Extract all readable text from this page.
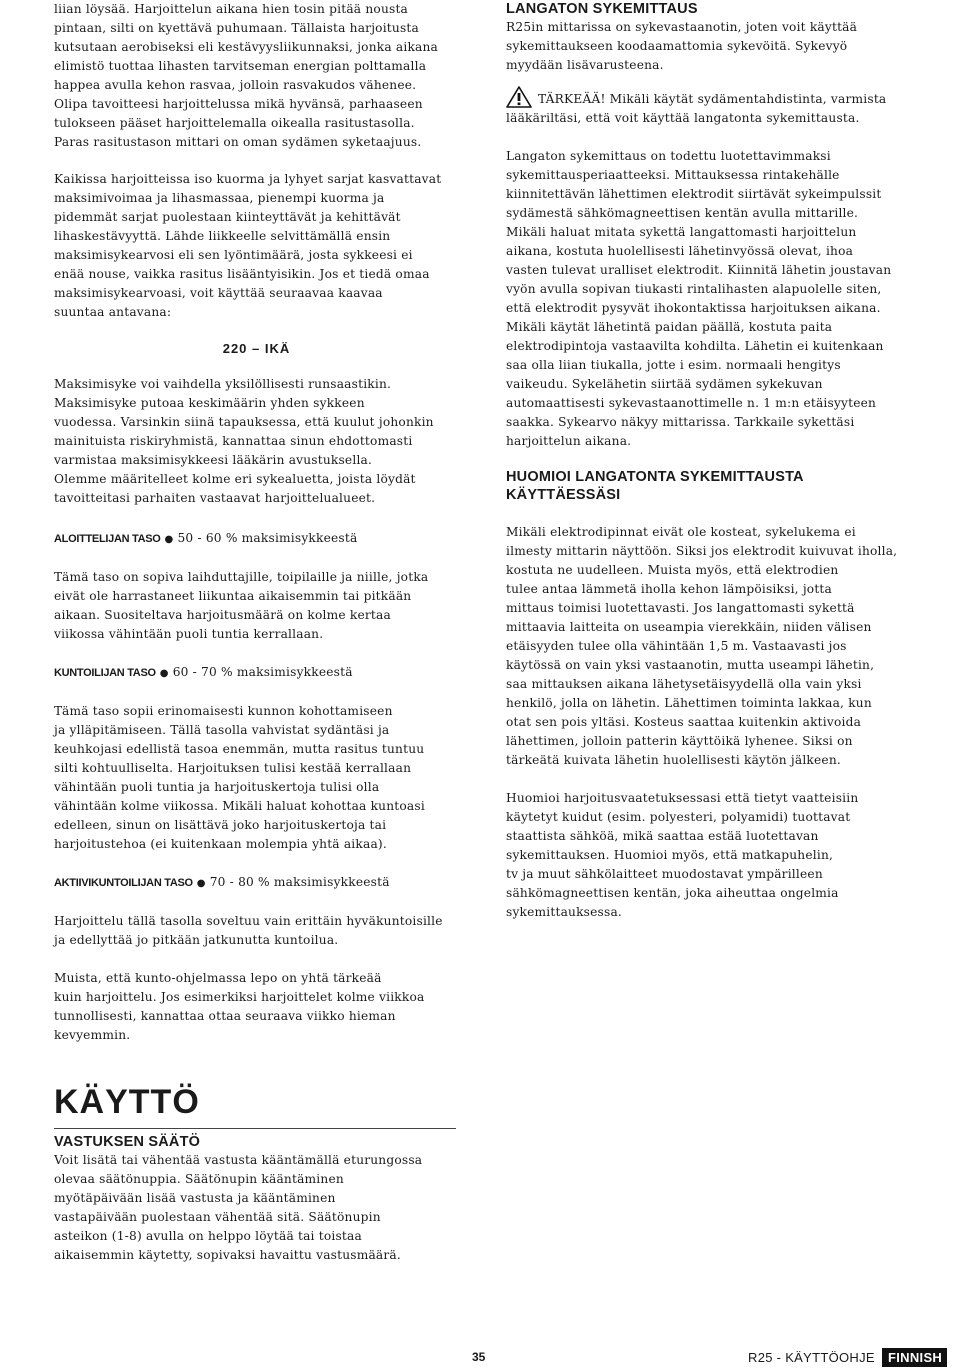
liian löysää. Harjoittelun aikana hien tosin pitää nousta

pintaan, silti on kyettävä puhumaan. Tällaista harjoitusta

kutsutaan aerobiseksi eli kestävyysliikunnaksi, jonka aikana

elimistö tuottaa lihasten tarvitseman energian polttamalla

happea avulla kehon rasvaa, jolloin rasvakudos vähenee.

Olipa tavoitteesi harjoittelussa mikä hyvänsä, parhaaseen

tulokseen pääset harjoittelemalla oikealla rasitustasolla.

Paras rasitustason mittari on oman sydämen syketaajuus.

Kaikissa harjoitteissa iso kuorma ja lyhyet sarjat kasvattavat

maksimivoimaa ja lihasmassaa, pienempi kuorma ja

pidemmät sarjat puolestaan kiinteyttävät ja kehittävät

lihaskestävyyttä. Lähde liikkeelle selvittämällä ensin

maksimisykearvosi eli sen lyöntimäärä, josta sykkeesi ei

enää nouse, vaikka rasitus lisääntyisikin. Jos et tiedä omaa

maksimisykearvoasi, voit käyttää seuraavaa kaavaa

suuntaa antavana:

220 – IKÄ

Maksimisyke voi vaihdella yksilöllisesti runsaastikin.

Maksimisyke putoaa keskimäärin yhden sykkeen

vuodessa. Varsinkin siinä tapauksessa, että kuulut johonkin

mainituista riskiryhmistä, kannattaa sinun ehdottomasti

varmistaa maksimisykkeesi lääkärin avustuksella.

Olemme määritelleet kolme eri sykealuetta, joista löydät

tavoitteitasi parhaiten vastaavat harjoittelualueet.

ALOITTELIJAN TASO ● 50 - 60 % maksimisykkeestä

Tämä taso on sopiva laihduttajille, toipilaille ja niille, jotka

eivät ole harrastaneet liikuntaa aikaisemmin tai pitkään

aikaan. Suositeltava harjoitusmäärä on kolme kertaa

viikossa vähintään puoli tuntia kerrallaan.

KUNTOILIJAN TASO ● 60 - 70 % maksimisykkeestä

Tämä taso sopii erinomaisesti kunnon kohottamiseen

ja ylläpitämiseen. Tällä tasolla vahvistat sydäntäsi ja

keuhkojasi edellistä tasoa enemmän, mutta rasitus tuntuu

silti kohtuulliselta. Harjoituksen tulisi kestää kerrallaan

vähintään puoli tuntia ja harjoituskertoja tulisi olla

vähintään kolme viikossa. Mikäli haluat kohottaa kuntoasi

edelleen, sinun on lisättävä joko harjoituskertoja tai

harjoitustehoa (ei kuitenkaan molempia yhtä aikaa).

AKTIIVIKUNTOILIJAN TASO ● 70 - 80 % maksimisykkeestä

Harjoittelu tällä tasolla soveltuu vain erittäin hyväkuntoisille

ja edellyttää jo pitkään jatkunutta kuntoilua.

Muista, että kunto-ohjelmassa lepo on yhtä tärkeää

kuin harjoittelu. Jos esimerkiksi harjoittelet kolme viikkoa

tunnollisesti, kannattaa ottaa seuraava viikko hieman

kevyemmin.

KÄYTTÖ
VASTUKSEN SÄÄTÖ

Voit lisätä tai vähentää vastusta kääntämällä eturungossa

olevaa säätönuppia. Säätönupin kääntäminen

myötäpäivään lisää vastusta ja kääntäminen

vastapäivään puolestaan vähentää sitä. Säätönupin

asteikon (1-8) avulla on helppo löytää tai toistaa

aikaisemmin käytetty, sopivaksi havaittu vastusmäärä.

LANGATON SYKEMITTAUS

R25in mittarissa on sykevastaanotin, joten voit käyttää

sykemittaukseen koodaamattomia sykevöitä. Sykevyö

myydään lisävarusteena.

TÄRKEÄÄ! Mikäli käytät sydämentahdistinta, varmista

lääkäriltäsi, että voit käyttää langatonta sykemittausta.

Langaton sykemittaus on todettu luotettavimmaksi

sykemittausperiaatteeksi. Mittauksessa rintakehälle

kiinnitettävän lähettimen elektrodit siirtävät sykeimpulssit

sydämestä sähkömagneettisen kentän avulla mittarille.

Mikäli haluat mitata sykettä langattomasti harjoittelun

aikana, kostuta huolellisesti lähetinvyössä olevat, ihoa

vasten tulevat uralliset elektrodit. Kiinnitä lähetin joustavan

vyön avulla sopivan tiukasti rintalihasten alapuolelle siten,

että elektrodit pysyvät ihokontaktissa harjoituksen aikana.

Mikäli käytät lähetintä paidan päällä, kostuta paita

elektrodipintoja vastaavilta kohdilta. Lähetin ei kuitenkaan

saa olla liian tiukalla, jotte i esim. normaali hengitys

vaikeudu. Sykelähetin siirtää sydämen sykekuvan

automaattisesti sykevastaanottimelle n. 1 m:n etäisyyteen

saakka. Sykearvo näkyy mittarissa. Tarkkaile sykettäsi

harjoittelun aikana.

HUOMIOI LANGATONTA SYKEMITTAUSTA

KÄYTTÄESSÄSI

Mikäli elektrodipinnat eivät ole kosteat, sykelukema ei

ilmesty mittarin näyttöön. Siksi jos elektrodit kuivuvat iholla,

kostuta ne uudelleen. Muista myös, että elektrodien

tulee antaa lämmetä iholla kehon lämpöisiksi, jotta

mittaus toimisi luotettavasti. Jos langattomasti sykettä

mittaavia laitteita on useampia vierekkäin, niiden välisen

etäisyyden tulee olla vähintään 1,5 m. Vastaavasti jos

käytössä on vain yksi vastaanotin, mutta useampi lähetin,

saa mittauksen aikana lähetysetäisyydellä olla vain yksi

henkilö, jolla on lähetin. Lähettimen toiminta lakkaa, kun

otat sen pois yltäsi. Kosteus saattaa kuitenkin aktivoida

lähettimen, jolloin patterin käyttöikä lyhenee. Siksi on

tärkeätä kuivata lähetin huolellisesti käytön jälkeen.

Huomioi harjoitusvaatetuksessasi että tietyt vaatteisiin

käytetyt kuidut (esim. polyesteri, polyamidi) tuottavat

staattista sähköä, mikä saattaa estää luotettavan

sykemittauksen. Huomioi myös, että matkapuhelin,

tv ja muut sähkölaitteet muodostavat ympärilleen

sähkömagneettisen kentän, joka aiheuttaa ongelmia

sykemittauksessa.

35	R25 - KÄYTTÖOHJE	FINNISH
